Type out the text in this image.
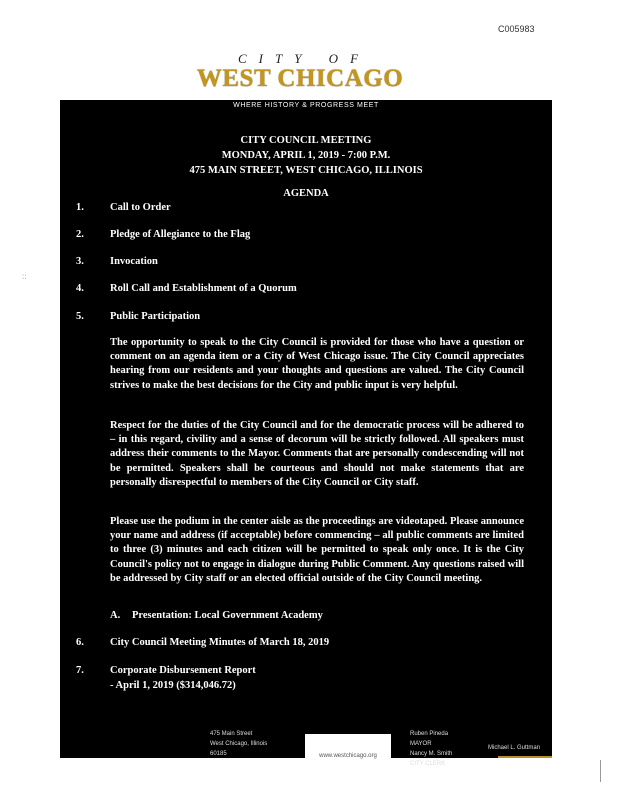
C005983
CITY OF
WEST CHICAGO
::
WHERE HISTORY & PROGRESS MEET
CITY COUNCIL MEETING
MONDAY, APRIL 1, 2019 - 7:00 P.M.
475 MAIN STREET, WEST CHICAGO, ILLINOIS
AGENDA
1. Call to Order
2. Pledge of Allegiance to the Flag
3. Invocation
4. Roll Call and Establishment of a Quorum
5. Public Participation

The opportunity to speak to the City Council is provided for those who have a question or comment on an agenda item or a City of West Chicago issue. The City Council appreciates hearing from our residents and your thoughts and questions are valued. The City Council strives to make the best decisions for the City and public input is very helpful.

Respect for the duties of the City Council and for the democratic process will be adhered to – in this regard, civility and a sense of decorum will be strictly followed. All speakers must address their comments to the Mayor. Comments that are personally condescending will not be permitted. Speakers shall be courteous and should not make statements that are personally disrespectful to members of the City Council or City staff.

Please use the podium in the center aisle as the proceedings are videotaped. Please announce your name and address (if acceptable) before commencing – all public comments are limited to three (3) minutes and each citizen will be permitted to speak only once. It is the City Council's policy not to engage in dialogue during Public Comment. Any questions raised will be addressed by City staff or an elected official outside of the City Council meeting.

A. Presentation: Local Government Academy
6. City Council Meeting Minutes of March 18, 2019
7. Corporate Disbursement Report
- April 1, 2019 ($314,046.72)
475 Main Street
West Chicago, Illinois
60185	www.westchicago.org
Ruben Pineda
MAYOR
Nancy M. Smith
CITY CLERK
Michael L. Guttman
